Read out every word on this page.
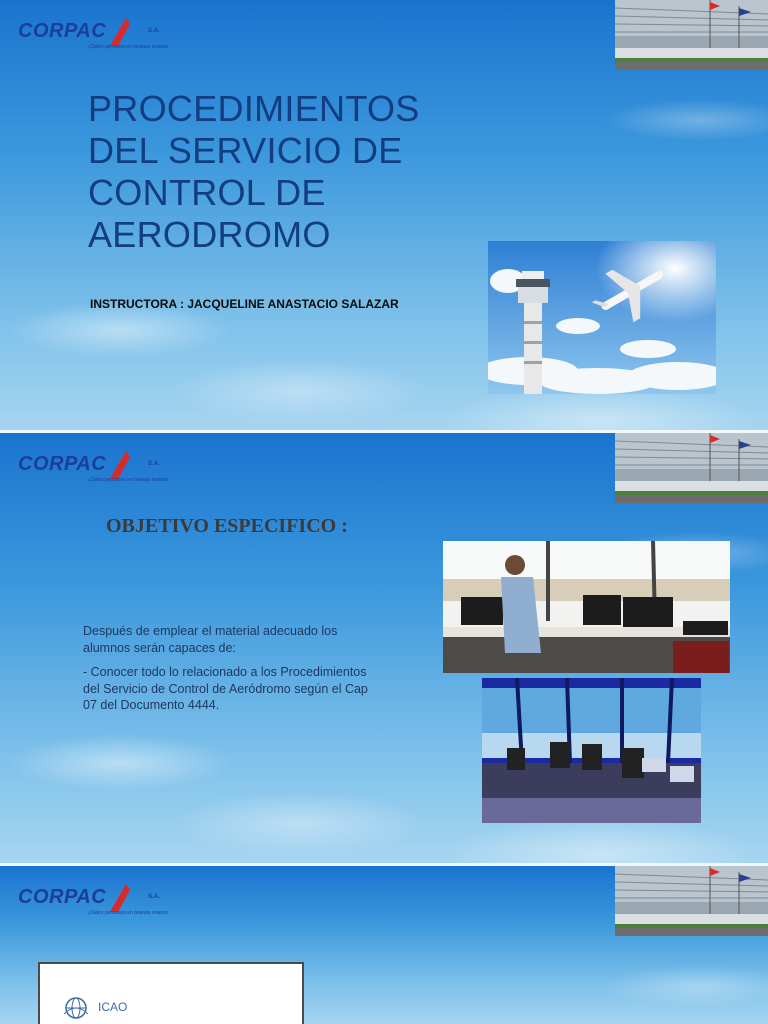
CORPAC	S.A.
¡Cielos peruanos en buenas manos!
PROCEDIMIENTOS
DEL SERVICIO DE
CONTROL DE
AERODROMO
INSTRUCTORA : JACQUELINE ANASTACIO SALAZAR
CORPAC	S.A.
¡Cielos peruanos en buenas manos!
OBJETIVO ESPECIFICO :

Después de emplear el material adecuado los alumnos serán capaces de:

- Conocer todo lo relacionado a los Procedimientos del Servicio de Control de Aeródromo según el Cap 07 del Documento 4444.

CORPAC	S.A.
¡Cielos peruanos en buenas manos!
ICAO
